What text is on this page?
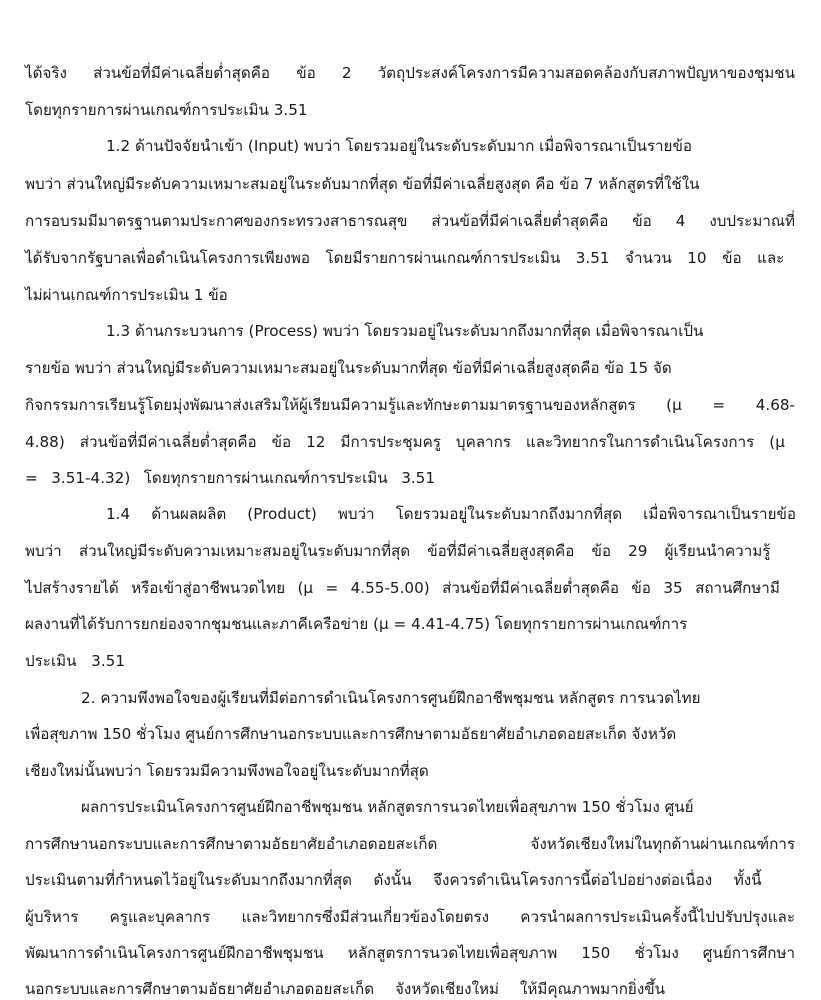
ได้จริง ส่วนข้อที่มีค่าเฉลี่ยต่ำสุดคือ ข้อ 2 วัตถุประสงค์โครงการมีความสอดคล้องกับสภาพปัญหาของชุมชน
โดยทุกรายการผ่านเกณฑ์การประเมิน 3.51
1.2 ด้านปัจจัยนำเข้า (Input) พบว่า โดยรวมอยู่ในระดับระดับมาก เมื่อพิจารณาเป็นรายข้อ
พบว่า ส่วนใหญ่มีระดับความเหมาะสมอยู่ในระดับมากที่สุด ข้อที่มีค่าเฉลี่ยสูงสุด คือ ข้อ 7 หลักสูตรที่ใช้ใน
การอบรมมีมาตรฐานตามประกาศของกระทรวงสาธารณสุข ส่วนข้อที่มีค่าเฉลี่ยต่ำสุดคือ ข้อ 4 งบประมาณที่
ได้รับจากรัฐบาลเพื่อดำเนินโครงการเพียงพอ โดยมีรายการผ่านเกณฑ์การประเมิน 3.51 จำนวน 10 ข้อ และ
ไม่ผ่านเกณฑ์การประเมิน 1 ข้อ
1.3 ด้านกระบวนการ (Process) พบว่า โดยรวมอยู่ในระดับมากถึงมากที่สุด เมื่อพิจารณาเป็น
รายข้อ พบว่า ส่วนใหญ่มีระดับความเหมาะสมอยู่ในระดับมากที่สุด ข้อที่มีค่าเฉลี่ยสูงสุดคือ ข้อ 15 จัด
กิจกรรมการเรียนรู้โดยมุ่งพัฒนาส่งเสริมให้ผู้เรียนมีความรู้และทักษะตามมาตรฐานของหลักสูตร (μ = 4.68-
4.88) ส่วนข้อที่มีค่าเฉลี่ยต่ำสุดคือ ข้อ 12 มีการประชุมครู บุคลากร และวิทยากรในการดำเนินโครงการ (μ
= 3.51-4.32) โดยทุกรายการผ่านเกณฑ์การประเมิน 3.51
1.4 ด้านผลผลิต (Product) พบว่า โดยรวมอยู่ในระดับมากถึงมากที่สุด เมื่อพิจารณาเป็นรายข้อ
พบว่า ส่วนใหญ่มีระดับความเหมาะสมอยู่ในระดับมากที่สุด ข้อที่มีค่าเฉลี่ยสูงสุดคือ ข้อ 29 ผู้เรียนนำความรู้
ไปสร้างรายได้ หรือเข้าสู่อาชีพนวดไทย (μ = 4.55-5.00) ส่วนข้อที่มีค่าเฉลี่ยต่ำสุดคือ ข้อ 35 สถานศึกษามี
ผลงานที่ได้รับการยกย่องจากชุมชนและภาคีเครือข่าย (μ = 4.41-4.75) โดยทุกรายการผ่านเกณฑ์การ
ประเมิน 3.51
2. ความพึงพอใจของผู้เรียนที่มีต่อการดำเนินโครงการศูนย์ฝึกอาชีพชุมชน หลักสูตร การนวดไทย
เพื่อสุขภาพ 150 ชั่วโมง ศูนย์การศึกษานอกระบบและการศึกษาตามอัธยาศัยอำเภอดอยสะเก็ด จังหวัด
เชียงใหม่นั้นพบว่า โดยรวมมีความพึงพอใจอยู่ในระดับมากที่สุด
ผลการประเมินโครงการศูนย์ฝึกอาชีพชุมชน หลักสูตรการนวดไทยเพื่อสุขภาพ 150 ชั่วโมง ศูนย์
การศึกษานอกระบบและการศึกษาตามอัธยาศัยอำเภอดอยสะเก็ด จังหวัดเชียงใหม่ในทุกด้านผ่านเกณฑ์การ
ประเมินตามที่กำหนดไว้อยู่ในระดับมากถึงมากที่สุด ดังนั้น จึงควรดำเนินโครงการนี้ต่อไปอย่างต่อเนื่อง ทั้งนี้
ผู้บริหาร ครูและบุคลากร และวิทยากรซึ่งมีส่วนเกี่ยวข้องโดยตรง ควรนำผลการประเมินครั้งนี้ไปปรับปรุงและ
พัฒนาการดำเนินโครงการศูนย์ฝึกอาชีพชุมชน หลักสูตรการนวดไทยเพื่อสุขภาพ 150 ชั่วโมง ศูนย์การศึกษา
นอกระบบและการศึกษาตามอัธยาศัยอำเภอดอยสะเก็ด จังหวัดเชียงใหม่ ให้มีคุณภาพมากยิ่งขึ้น
